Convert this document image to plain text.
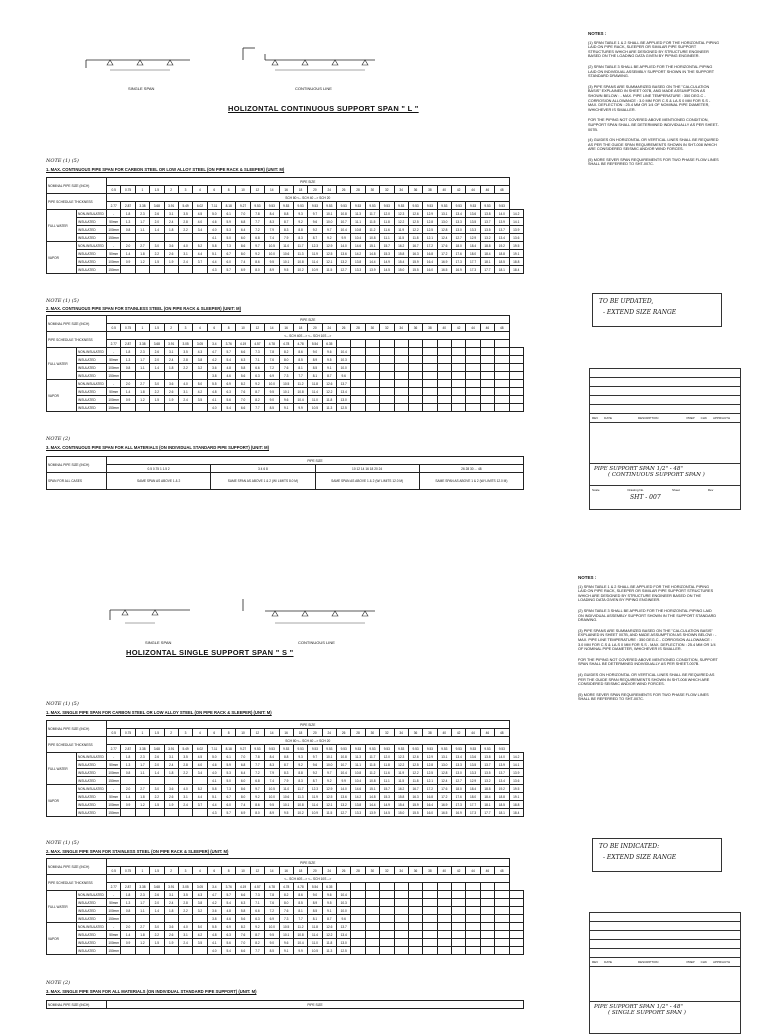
SINGLE SPAN	CONTINUOUS LINE
HOLIZONTAL CONTINUOUS SUPPORT SPAN " L "
NOTE (1) (5)
1. MAX. CONTINUOUS PIPE SPAN FOR CARBON STEEL OR LOW ALLOY STEEL (ON PIPE RACK & SLEEPER) (UNIT: M)
NOMINAL PIPE SIZE (INCH)		PIPE SIZE																												
		0.5	0.75	1	1.5	2	3	4	6	8	10	12	14	16	18	20	24	26	28	30	32	34	36	38	40	42	44	46	48	
PIPE SCHEDULE THICKNESS		SCH 80 <-- SCH 40 --> SCH 20																												
		2.77	2.87	3.38	3.68	3.91	5.49	6.02	7.11	8.18	9.27	9.53	9.53	9.53	9.53	9.53	9.53	9.53	9.53	9.53	9.53	9.53	9.53	9.53	9.53	9.53	9.53	9.53	9.53	
FULL WATER	NON-INSULATED	-	1.8	2.3	2.6	3.1	3.5	4.5	5.0	6.1	7.0	7.8	8.4	8.8	9.3	9.7	10.1	10.8	11.3	11.7	12.0	12.3	12.6	12.9	13.1	13.4	13.6	13.8	14.0	14.2
	INSULATED	50mm	1.3	1.7	2.0	2.4	2.8	4.0	4.6	5.9	6.8	7.7	8.3	8.7	9.2	9.6	10.0	10.7	11.1	11.5	11.8	12.2	12.5	12.8	13.0	13.3	13.5	13.7	13.9	14.1
	INSULATED	100mm	0.8	1.1	1.4	1.8	2.2	3.4	4.0	5.3	6.4	7.2	7.9	8.3	8.8	9.2	9.7	10.4	10.8	11.2	11.6	11.9	12.2	12.5	12.8	13.0	13.3	13.5	13.7	13.9
	INSULATED	150mm							4.1	5.0	6.0	6.8	7.4	7.9	8.3	8.7	9.2	9.9	10.4	10.8	11.1	11.5	11.8	12.1	12.4	12.7	12.9	13.2	13.4	13.6
VAPOR	NON-INSULATED	-	2.0	2.7	3.0	3.6	4.0	5.2	5.8	7.3	8.6	9.7	10.5	11.0	11.7	12.3	12.9	14.0	14.6	15.1	15.7	16.2	16.7	17.2	17.6	18.0	18.4	18.8	19.2	19.5
	INSULATED	50mm	1.4	1.8	2.2	2.6	3.1	4.4	5.1	6.7	8.0	9.2	10.0	10.6	11.3	11.9	12.5	13.6	14.2	14.8	15.3	15.8	16.3	16.8	17.2	17.6	18.0	18.4	18.8	19.1
	INSULATED	100mm	0.9	1.2	1.5	1.9	2.4	3.7	4.4	6.0	7.4	8.6	9.5	10.1	10.8	11.4	12.1	13.2	13.8	14.4	14.9	15.4	15.9	16.4	16.9	17.3	17.7	18.1	18.5	18.8
	INSULATED	150mm							4.3	5.7	6.9	8.0	8.9	9.5	10.2	10.9	11.5	12.7	13.3	13.9	14.5	15.0	15.5	16.0	16.5	16.9	17.3	17.7	18.1	18.4
NOTE (1) (5)
2. MAX. CONTINUOUS PIPE SPAN FOR STAINLESS STEEL (ON PIPE RACK & SLEEPER) (UNIT: M)
NOMINAL PIPE SIZE (INCH)		PIPE SIZE																												
		0.5	0.75	1	1.5	2	3	4	6	8	10	12	14	16	18	20	24	26	28	30	32	34	36	38	40	42	44	46	48	
PIPE SCHEDULE THICKNESS		<-- SCH 40S --> <-- SCH 10S -->																												
		2.77	2.87	3.38	3.68	3.91	3.05	3.05	3.4	3.76	4.19	4.57	4.78	4.78	4.78	5.54	6.35													
FULL WATER	NON-INSULATED	-	1.8	2.3	2.6	3.1	3.5	4.3	4.7	5.7	6.6	7.3	7.8	8.2	8.6	9.0	9.6	10.4												
	INSULATED	50mm	1.3	1.7	2.0	2.4	2.8	3.8	4.2	5.4	6.3	7.1	7.6	8.0	8.5	8.9	9.5	10.3												
	INSULATED	100mm	0.8	1.1	1.4	1.8	2.2	3.2	3.6	4.8	5.8	6.6	7.2	7.6	8.1	8.5	9.1	10.0												
	INSULATED	150mm							3.8	4.6	5.6	6.3	6.9	7.3	7.7	8.1	8.7	9.6												
VAPOR	NON-INSULATED	-	2.0	2.7	3.0	3.6	4.0	5.0	5.5	6.9	8.2	9.2	10.0	10.5	11.2	11.8	12.6	13.7												
	INSULATED	50mm	1.4	1.8	2.2	2.6	3.1	4.2	4.8	6.3	7.6	8.7	9.5	10.1	10.8	11.4	12.2	13.4												
	INSULATED	100mm	0.9	1.2	1.5	1.9	2.4	3.5	4.1	5.6	7.0	8.2	9.0	9.6	10.4	11.0	11.8	13.0												
	INSULATED	150mm							4.0	5.4	6.6	7.7	8.5	9.1	9.9	10.5	11.3	12.5												
NOTE (2)
3. MAX. CONTINUOUS PIPE SPAN FOR ALL MATERIALS (ON INDIVIDUAL STANDARD PIPE SUPPORT) (UNIT: M)
NOMINAL PIPE SIZE (INCH)	PIPE SIZE			
	0.5 0.75 1 1.5 2	3 4 6 8	10 12 14 16 18 20 24	26 28 30 ... 48
SPAN FOR ALL CASES	SAME SPAN AS ABOVE 1 & 2	SAME SPAN AS ABOVE 1 & 2 (W/ LIMITS 8.0 M)	SAME SPAN AS ABOVE 1 & 2 (W/ LIMITS 12.0 M)	SAME SPAN AS ABOVE 1 & 2 (W/ LIMITS 12.0 M)

NOTES :

(1) SPAN TABLE 1 & 2 SHALL BE APPLIED FOR THE HORIZONTAL PIPING LAID ON PIPE RACK, SLEEPER OR SIMILAR PIPE SUPPORT STRUCTURES WHICH ARE DESIGNED BY STRUCTURE ENGINEER BASED ON THE LOADING DATA GIVEN BY PIPING ENGINEER.

(2) SPAN TABLE 3 SHALL BE APPLIED FOR THE HORIZONTAL PIPING LAID ON INDIVIDUAL ASSEMBLY SUPPORT SHOWN IN THE SUPPORT STANDARD DRAWING.

(3) PIPE SPANS ARE SUMMARIZED BASED ON THE "CALCULATION BASIS" EXPLAINED IN SHEET 007B, AND MADE ASSUMPTION AS SHOWN BELOW : - MAX. PIPE LINE TEMPERATURE : 350 DEG.C - CORROSION ALLOWANCE : 3.0 MM FOR C.S & LA.S 0 MM FOR S.S - MAX. DEFLECTION : 25.4 MM OR 1/4 OF NOMINAL PIPE DIAMETER, WHICHEVER IS SMALLER.

FOR THE PIPING NOT COVERED ABOVE MENTIONED CONDITION, SUPPORT SPAN SHALL BE DETERMINED INDIVIDUALLY AS PER SHEET-007B.

(4) GUIDES ON HORIZONTAL OR VERTICAL LINES SHALL BE REQUIRED AS PER THE GUIDE SPAN REQUIREMENTS SHOWN IN SHT-008 WHICH ARE CONSIDERED SEISMIC AND/OR WIND FORCES.

(5) MORE SEVER SPAN REQUIREMENTS FOR TWO PHASE FLOW LINES SHALL BE REFERRED TO SHT-007C.

TO BE UPDATED,
- EXTEND SIZE RANGE
REV DATE	DESCRIPTION	PREP CHK APPR/AUTH
PIPE SUPPORT SPAN 1/2" - 48"
( CONTINUOUS SUPPORT SPAN )
Scale	Drawing No.	Sheet	Rev
SHT - 007
SINGLE SPAN	CONTINUOUS LINE
HOLIZONTAL SINGLE SUPPORT SPAN " S "
NOTE (1) (5)
1. MAX. SINGLE PIPE SPAN FOR CARBON STEEL OR LOW ALLOY STEEL (ON PIPE RACK & SLEEPER) (UNIT: M)
NOMINAL PIPE SIZE (INCH)		PIPE SIZE																												
		0.5	0.75	1	1.5	2	3	4	6	8	10	12	14	16	18	20	24	26	28	30	32	34	36	38	40	42	44	46	48	
PIPE SCHEDULE THICKNESS		SCH 80 <-- SCH 40 --> SCH 20																												
		2.77	2.87	3.38	3.68	3.91	5.49	6.02	7.11	8.18	9.27	9.53	9.53	9.53	9.53	9.53	9.53	9.53	9.53	9.53	9.53	9.53	9.53	9.53	9.53	9.53	9.53	9.53	9.53	
FULL WATER	NON-INSULATED	-	1.8	2.3	2.6	3.1	3.5	4.5	5.0	6.1	7.0	7.8	8.4	8.8	9.3	9.7	10.1	10.8	11.3	11.7	12.0	12.3	12.6	12.9	13.1	13.4	13.6	13.8	14.0	14.2
	INSULATED	50mm	1.3	1.7	2.0	2.4	2.8	4.0	4.6	5.9	6.8	7.7	8.3	8.7	9.2	9.6	10.0	10.7	11.1	11.5	11.8	12.2	12.5	12.8	13.0	13.3	13.5	13.7	13.9	14.1
	INSULATED	100mm	0.8	1.1	1.4	1.8	2.2	3.4	4.0	5.3	6.4	7.2	7.9	8.3	8.8	9.2	9.7	10.4	10.8	11.2	11.6	11.9	12.2	12.5	12.8	13.0	13.3	13.5	13.7	13.9
	INSULATED	150mm							4.1	5.0	6.0	6.8	7.4	7.9	8.3	8.7	9.2	9.9	10.4	10.8	11.1	11.5	11.8	12.1	12.4	12.7	12.9	13.2	13.4	13.6
VAPOR	NON-INSULATED	-	2.0	2.7	3.0	3.6	4.0	5.2	5.8	7.3	8.6	9.7	10.5	11.0	11.7	12.3	12.9	14.0	14.6	15.1	15.7	16.2	16.7	17.2	17.6	18.0	18.4	18.8	19.2	19.5
	INSULATED	50mm	1.4	1.8	2.2	2.6	3.1	4.4	5.1	6.7	8.0	9.2	10.0	10.6	11.3	11.9	12.5	13.6	14.2	14.8	15.3	15.8	16.3	16.8	17.2	17.6	18.0	18.4	18.8	19.1
	INSULATED	100mm	0.9	1.2	1.5	1.9	2.4	3.7	4.4	6.0	7.4	8.6	9.5	10.1	10.8	11.4	12.1	13.2	13.8	14.4	14.9	15.4	15.9	16.4	16.9	17.3	17.7	18.1	18.5	18.8
	INSULATED	150mm							4.3	5.7	6.9	8.0	8.9	9.5	10.2	10.9	11.5	12.7	13.3	13.9	14.5	15.0	15.5	16.0	16.5	16.9	17.3	17.7	18.1	18.4
NOTE (1) (5)
2. MAX. SINGLE PIPE SPAN FOR STAINLESS STEEL (ON PIPE RACK & SLEEPER) (UNIT: M)
NOMINAL PIPE SIZE (INCH)		PIPE SIZE																												
		0.5	0.75	1	1.5	2	3	4	6	8	10	12	14	16	18	20	24	26	28	30	32	34	36	38	40	42	44	46	48	
PIPE SCHEDULE THICKNESS		<-- SCH 40S --> <-- SCH 10S -->																												
		2.77	2.87	3.38	3.68	3.91	3.05	3.05	3.4	3.76	4.19	4.57	4.78	4.78	4.78	5.54	6.35													
FULL WATER	NON-INSULATED	-	1.8	2.3	2.6	3.1	3.5	4.3	4.7	5.7	6.6	7.3	7.8	8.2	8.6	9.0	9.6	10.4												
	INSULATED	50mm	1.3	1.7	2.0	2.4	2.8	3.8	4.2	5.4	6.3	7.1	7.6	8.0	8.5	8.9	9.5	10.3												
	INSULATED	100mm	0.8	1.1	1.4	1.8	2.2	3.2	3.6	4.8	5.8	6.6	7.2	7.6	8.1	8.5	9.1	10.0												
	INSULATED	150mm							3.8	4.6	5.6	6.3	6.9	7.3	7.7	8.1	8.7	9.6												
VAPOR	NON-INSULATED	-	2.0	2.7	3.0	3.6	4.0	5.0	5.5	6.9	8.2	9.2	10.0	10.5	11.2	11.8	12.6	13.7												
	INSULATED	50mm	1.4	1.8	2.2	2.6	3.1	4.2	4.8	6.3	7.6	8.7	9.5	10.1	10.8	11.4	12.2	13.4												
	INSULATED	100mm	0.9	1.2	1.5	1.9	2.4	3.5	4.1	5.6	7.0	8.2	9.0	9.6	10.4	11.0	11.8	13.0												
	INSULATED	150mm							4.0	5.4	6.6	7.7	8.5	9.1	9.9	10.5	11.3	12.5												
NOTE (2)
3. MAX. SINGLE PIPE SPAN FOR ALL MATERIALS (ON INDIVIDUAL STANDARD PIPE SUPPORT) (UNIT: M)
NOMINAL PIPE SIZE (INCH)	PIPE SIZE

NOTES :

(1) SPAN TABLE 1 & 2 SHALL BE APPLIED FOR THE HORIZONTAL PIPING LAID ON PIPE RACK, SLEEPER OR SIMILAR PIPE SUPPORT STRUCTURES WHICH ARE DESIGNED BY STRUCTURE ENGINEER BASED ON THE LOADING DATA GIVEN BY PIPING ENGINEER.

(2) SPAN TABLE 3 SHALL BE APPLIED FOR THE HORIZONTAL PIPING LAID ON INDIVIDUAL ASSEMBLY SUPPORT SHOWN IN THE SUPPORT STANDARD DRAWING.

(3) PIPE SPANS ARE SUMMARIZED BASED ON THE "CALCULATION BASIS" EXPLAINED IN SHEET 007B, AND MADE ASSUMPTION AS SHOWN BELOW : - MAX. PIPE LINE TEMPERATURE : 350 DEG.C - CORROSION ALLOWANCE : 3.0 MM FOR C.S & LA.S 0 MM FOR S.S - MAX. DEFLECTION : 25.4 MM OR 1/4 OF NOMINAL PIPE DIAMETER, WHICHEVER IS SMALLER.

FOR THE PIPING NOT COVERED ABOVE MENTIONED CONDITION, SUPPORT SPAN SHALL BE DETERMINED INDIVIDUALLY AS PER SHEET-007B.

(4) GUIDES ON HORIZONTAL OR VERTICAL LINES SHALL BE REQUIRED AS PER THE GUIDE SPAN REQUIREMENTS SHOWN IN SHT-008 WHICH ARE CONSIDERED SEISMIC AND/OR WIND FORCES.

(5) MORE SEVER SPAN REQUIREMENTS FOR TWO PHASE FLOW LINES SHALL BE REFERRED TO SHT-007C.

TO BE INDICATED:
- EXTEND SIZE RANGE
REV DATE	DESCRIPTION	PREP CHK APPR/AUTH
PIPE SUPPORT SPAN 1/2" - 48"
( SINGLE SUPPORT SPAN )
